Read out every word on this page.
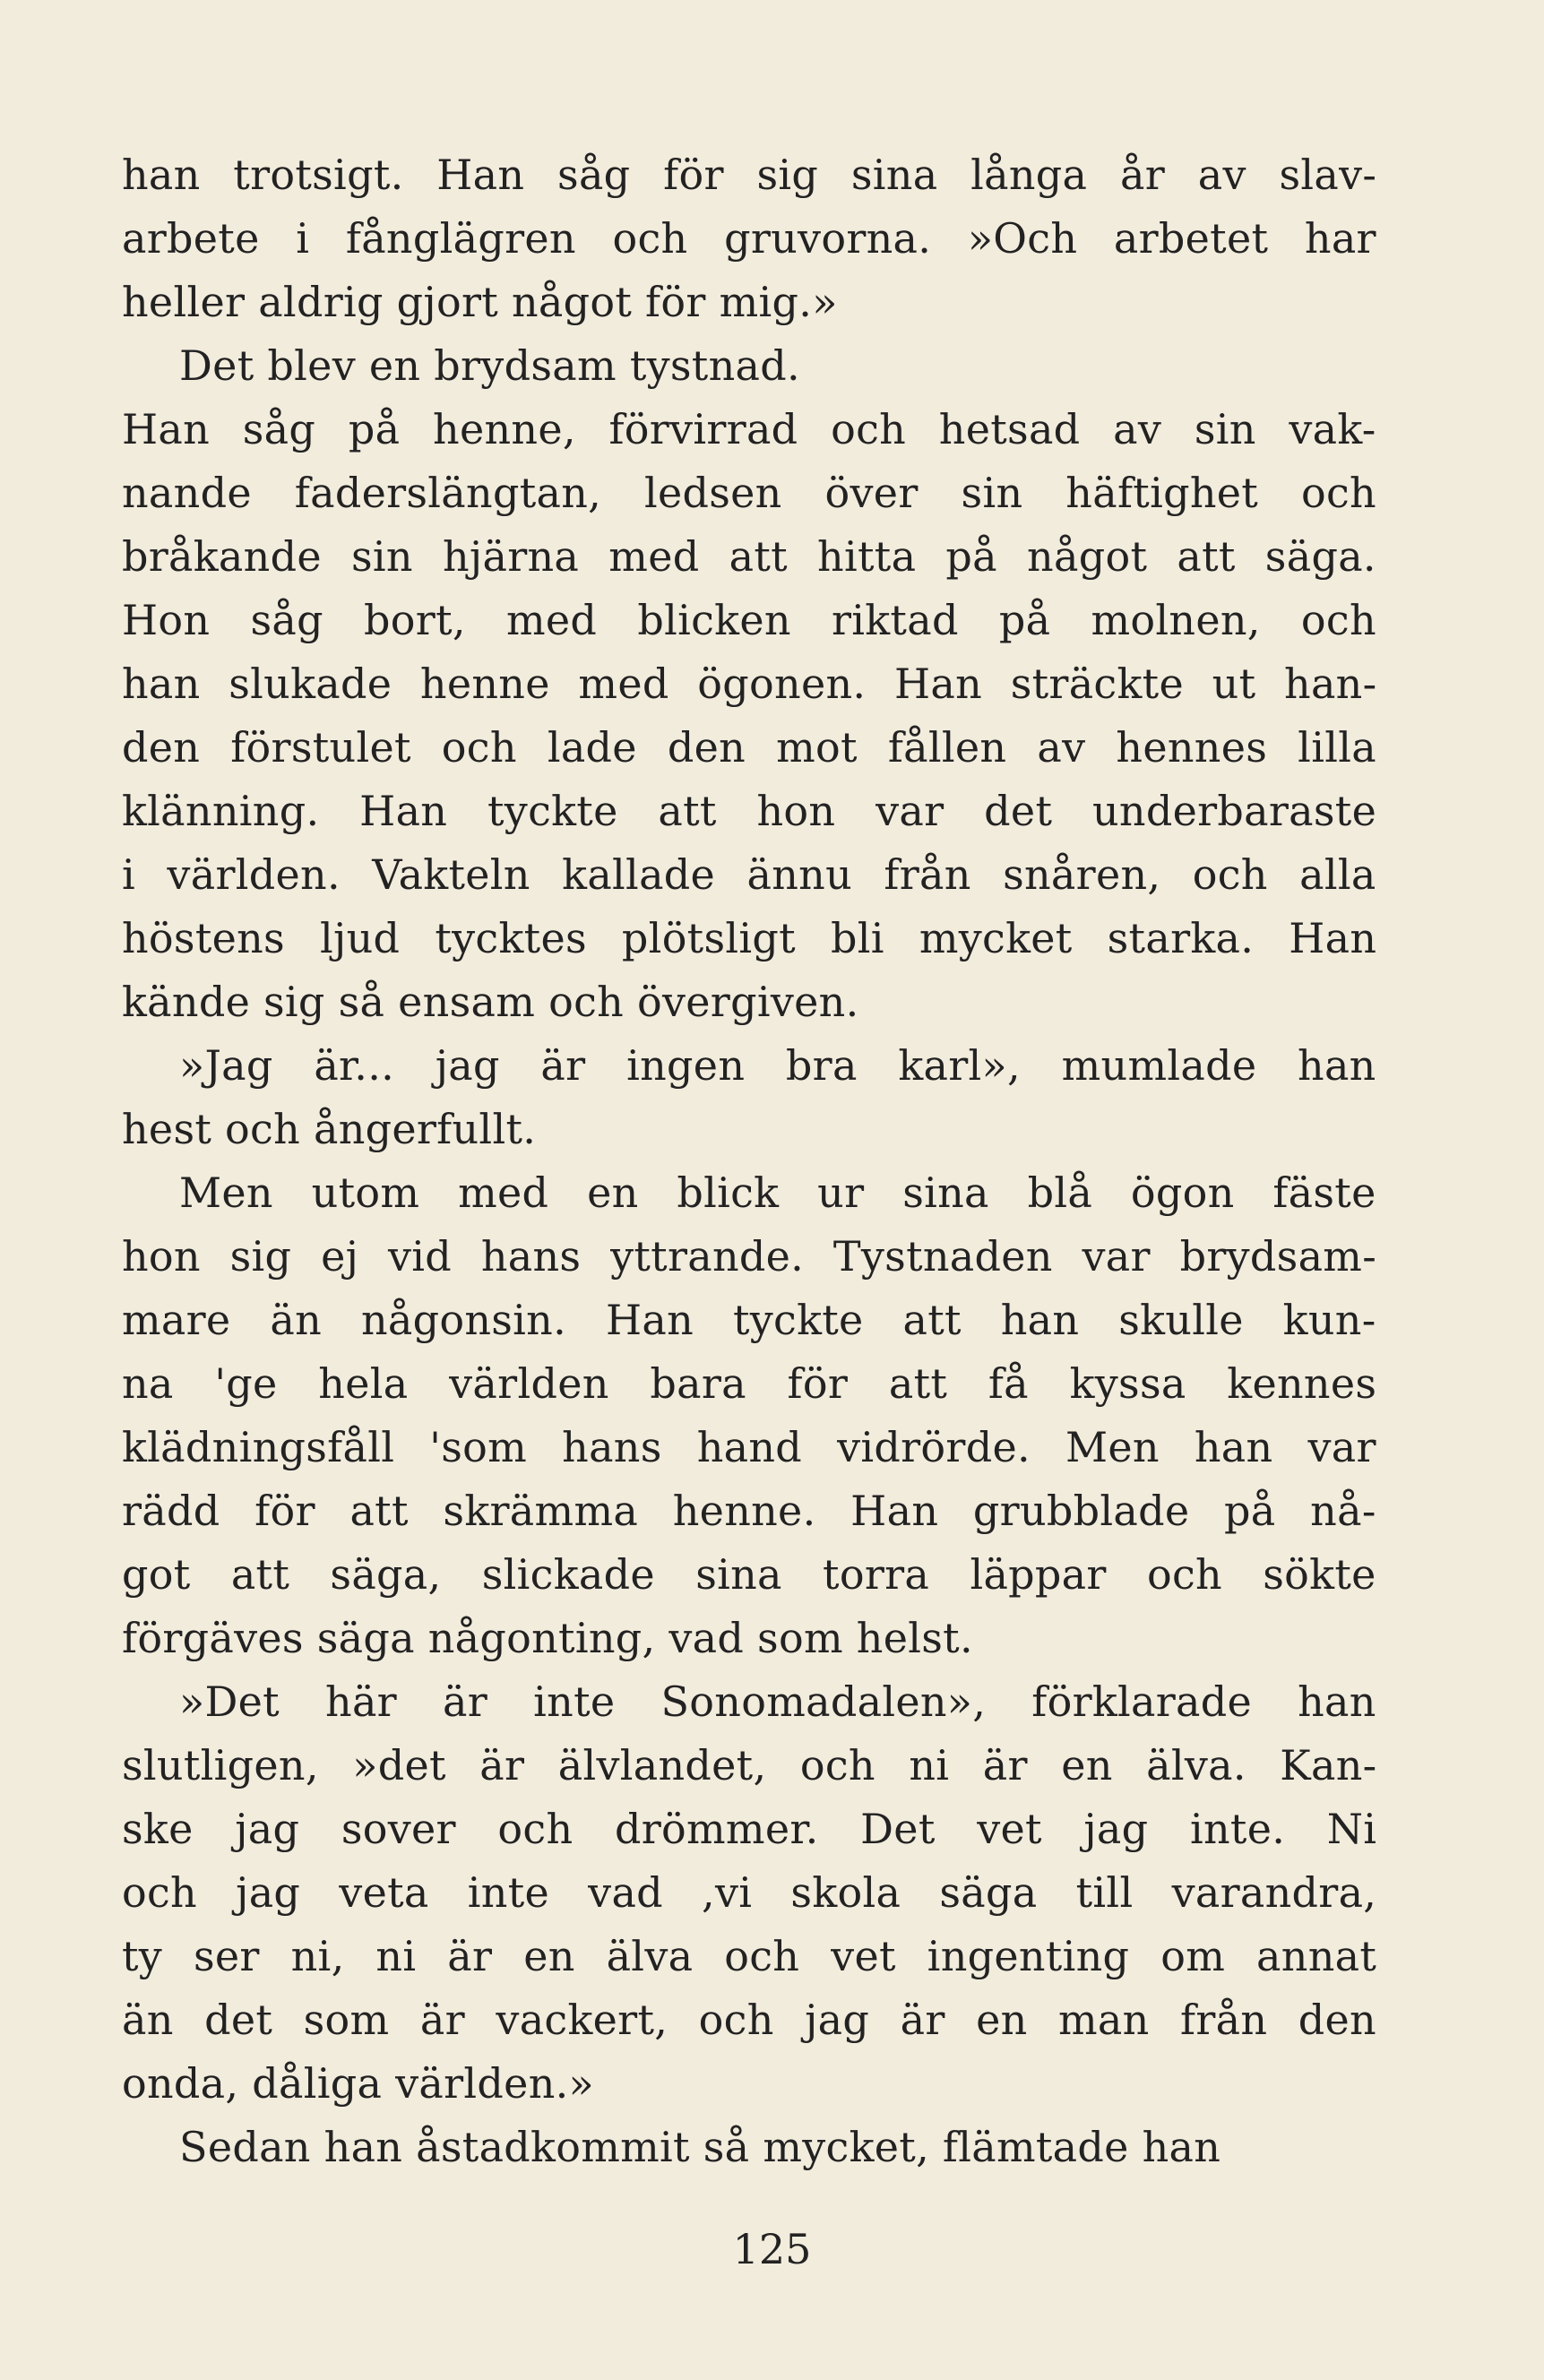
han trotsigt. Han såg för sig sina långa år av slav-
arbete i fånglägren och gruvorna. »Och arbetet har
heller aldrig gjort något för mig.»
Det blev en brydsam tystnad.
Han såg på henne, förvirrad och hetsad av sin vak-
nande faderslängtan, ledsen över sin häftighet och
bråkande sin hjärna med att hitta på något att säga.
Hon såg bort, med blicken riktad på molnen, och
han slukade henne med ögonen. Han sträckte ut han-
den förstulet och lade den mot fållen av hennes lilla
klänning. Han tyckte att hon var det underbaraste
i världen. Vakteln kallade ännu från snåren, och alla
höstens ljud tycktes plötsligt bli mycket starka. Han
kände sig så ensam och övergiven.
»Jag är... jag är ingen bra karl», mumlade han
hest och ångerfullt.
Men utom med en blick ur sina blå ögon fäste
hon sig ej vid hans yttrande. Tystnaden var brydsam-
mare än någonsin. Han tyckte att han skulle kun-
na 'ge hela världen bara för att få kyssa kennes
klädningsfåll 'som hans hand vidrörde. Men han var
rädd för att skrämma henne. Han grubblade på nå-
got att säga, slickade sina torra läppar och sökte
förgäves säga någonting, vad som helst.
»Det här är inte Sonomadalen», förklarade han
slutligen, »det är älvlandet, och ni är en älva. Kan-
ske jag sover och drömmer. Det vet jag inte. Ni
och jag veta inte vad ,vi skola säga till varandra,
ty ser ni, ni är en älva och vet ingenting om annat
än det som är vackert, och jag är en man från den
onda, dåliga världen.»
Sedan han åstadkommit så mycket, flämtade han
125
